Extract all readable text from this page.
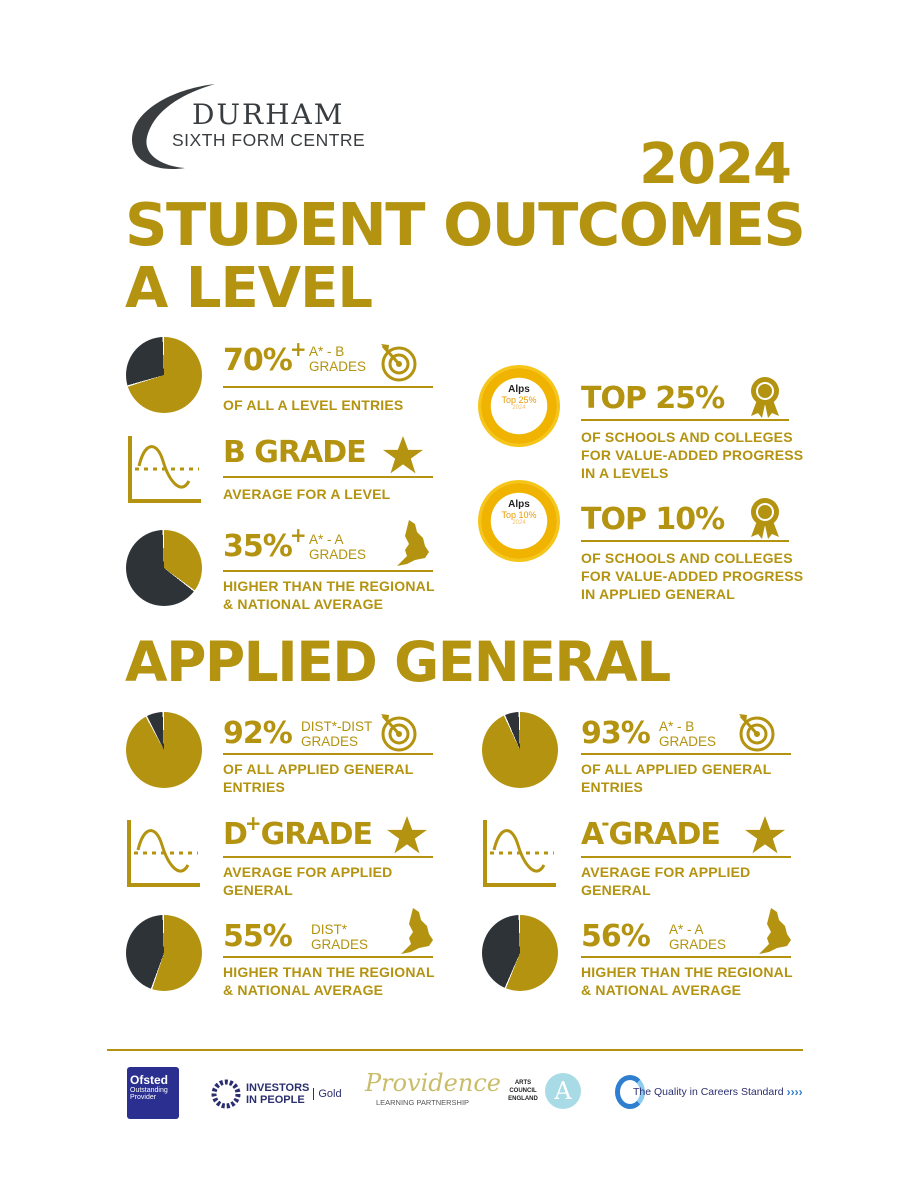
DURHAM
SIXTH FORM CENTRE	2024
STUDENT OUTCOMES
A LEVEL
APPLIED GENERAL
70%+ A* - B
GRADES
OF ALL A LEVEL ENTRIES
B GRADE
AVERAGE FOR A LEVEL
35%+ A* - A
GRADES
HIGHER THAN THE REGIONAL
& NATIONAL AVERAGE
Alps
Top 25%
2024	TOP 25%
OF SCHOOLS AND COLLEGES
FOR VALUE-ADDED PROGRESS
IN A LEVELS
Alps
Top 10%
2024	TOP 10%
OF SCHOOLS AND COLLEGES
FOR VALUE-ADDED PROGRESS
IN APPLIED GENERAL
92% DIST*-DIST
GRADES
OF ALL APPLIED GENERAL
ENTRIES
D+GRADE
AVERAGE FOR APPLIED
GENERAL
55% DIST*
GRADES
HIGHER THAN THE REGIONAL
& NATIONAL AVERAGE
93% A* - B
GRADES
OF ALL APPLIED GENERAL
ENTRIES
A-GRADE
AVERAGE FOR APPLIED
GENERAL
56% A* - A
GRADES
HIGHER THAN THE REGIONAL
& NATIONAL AVERAGE
Ofsted
Outstanding
Provider
INVESTORS
IN PEOPLE	Gold Providence
LEARNING PARTNERSHIP
ARTS COUNCIL ENGLAND A	The Quality in Careers Standard ››››
